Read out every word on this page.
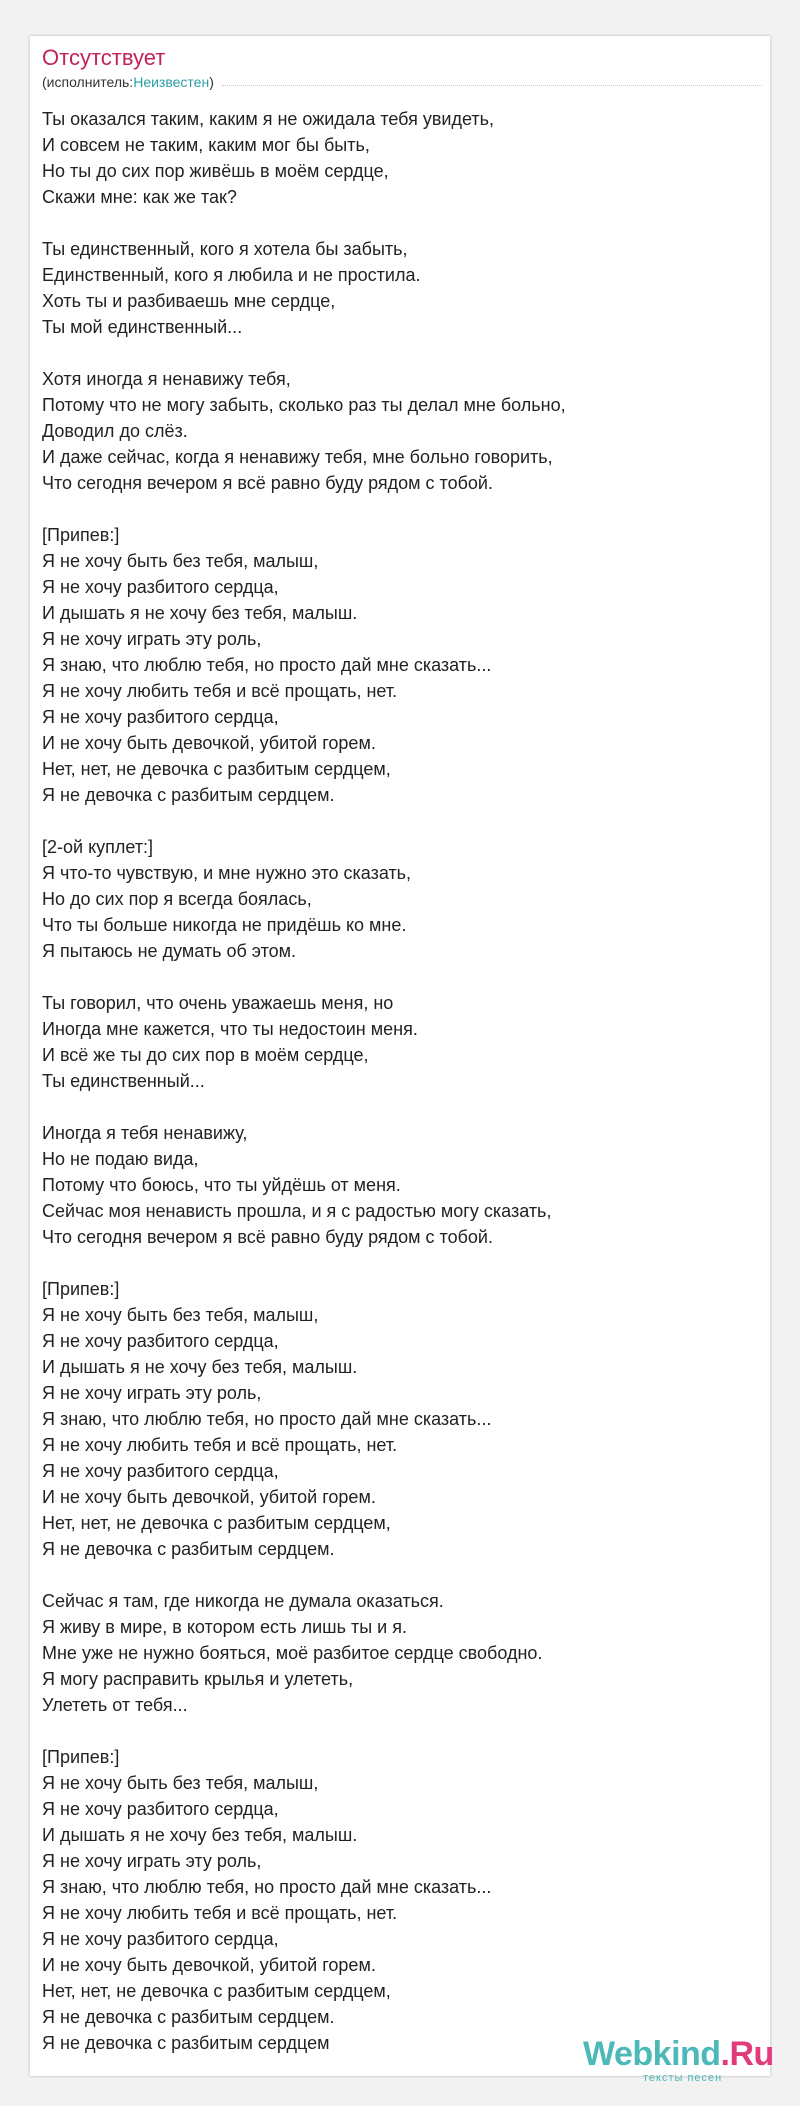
Отсутствует
(исполнитель: Неизвестен )
Ты оказался таким, каким я не ожидала тебя увидеть,
И совсем не таким, каким мог бы быть,
Но ты до сих пор живёшь в моём сердце,
Скажи мне: как же так?
Ты единственный, кого я хотела бы забыть,
Единственный, кого я любила и не простила.
Хоть ты и разбиваешь мне сердце,
Ты мой единственный...
Хотя иногда я ненавижу тебя,
Потому что не могу забыть, сколько раз ты делал мне больно,
Доводил до слёз.
И даже сейчас, когда я ненавижу тебя, мне больно говорить,
Что сегодня вечером я всё равно буду рядом с тобой.
[Припев:]
Я не хочу быть без тебя, малыш,
Я не хочу разбитого сердца,
И дышать я не хочу без тебя, малыш.
Я не хочу играть эту роль,
Я знаю, что люблю тебя, но просто дай мне сказать...
Я не хочу любить тебя и всё прощать, нет.
Я не хочу разбитого сердца,
И не хочу быть девочкой, убитой горем.
Нет, нет, не девочка с разбитым сердцем,
Я не девочка с разбитым сердцем.
[2-ой куплет:]
Я что-то чувствую, и мне нужно это сказать,
Но до сих пор я всегда боялась,
Что ты больше никогда не придёшь ко мне.
Я пытаюсь не думать об этом.
Ты говорил, что очень уважаешь меня, но
Иногда мне кажется, что ты недостоин меня.
И всё же ты до сих пор в моём сердце,
Ты единственный...
Иногда я тебя ненавижу,
Но не подаю вида,
Потому что боюсь, что ты уйдёшь от меня.
Сейчас моя ненависть прошла, и я с радостью могу сказать,
Что сегодня вечером я всё равно буду рядом с тобой.
[Припев:]
Я не хочу быть без тебя, малыш,
Я не хочу разбитого сердца,
И дышать я не хочу без тебя, малыш.
Я не хочу играть эту роль,
Я знаю, что люблю тебя, но просто дай мне сказать...
Я не хочу любить тебя и всё прощать, нет.
Я не хочу разбитого сердца,
И не хочу быть девочкой, убитой горем.
Нет, нет, не девочка с разбитым сердцем,
Я не девочка с разбитым сердцем.
Сейчас я там, где никогда не думала оказаться.
Я живу в мире, в котором есть лишь ты и я.
Мне уже не нужно бояться, моё разбитое сердце свободно.
Я могу расправить крылья и улететь,
Улететь от тебя...
[Припев:]
Я не хочу быть без тебя, малыш,
Я не хочу разбитого сердца,
И дышать я не хочу без тебя, малыш.
Я не хочу играть эту роль,
Я знаю, что люблю тебя, но просто дай мне сказать...
Я не хочу любить тебя и всё прощать, нет.
Я не хочу разбитого сердца,
И не хочу быть девочкой, убитой горем.
Нет, нет, не девочка с разбитым сердцем,
Я не девочка с разбитым сердцем.
Я не девочка с разбитым сердцем	Webkind.Ru
тексты песен
